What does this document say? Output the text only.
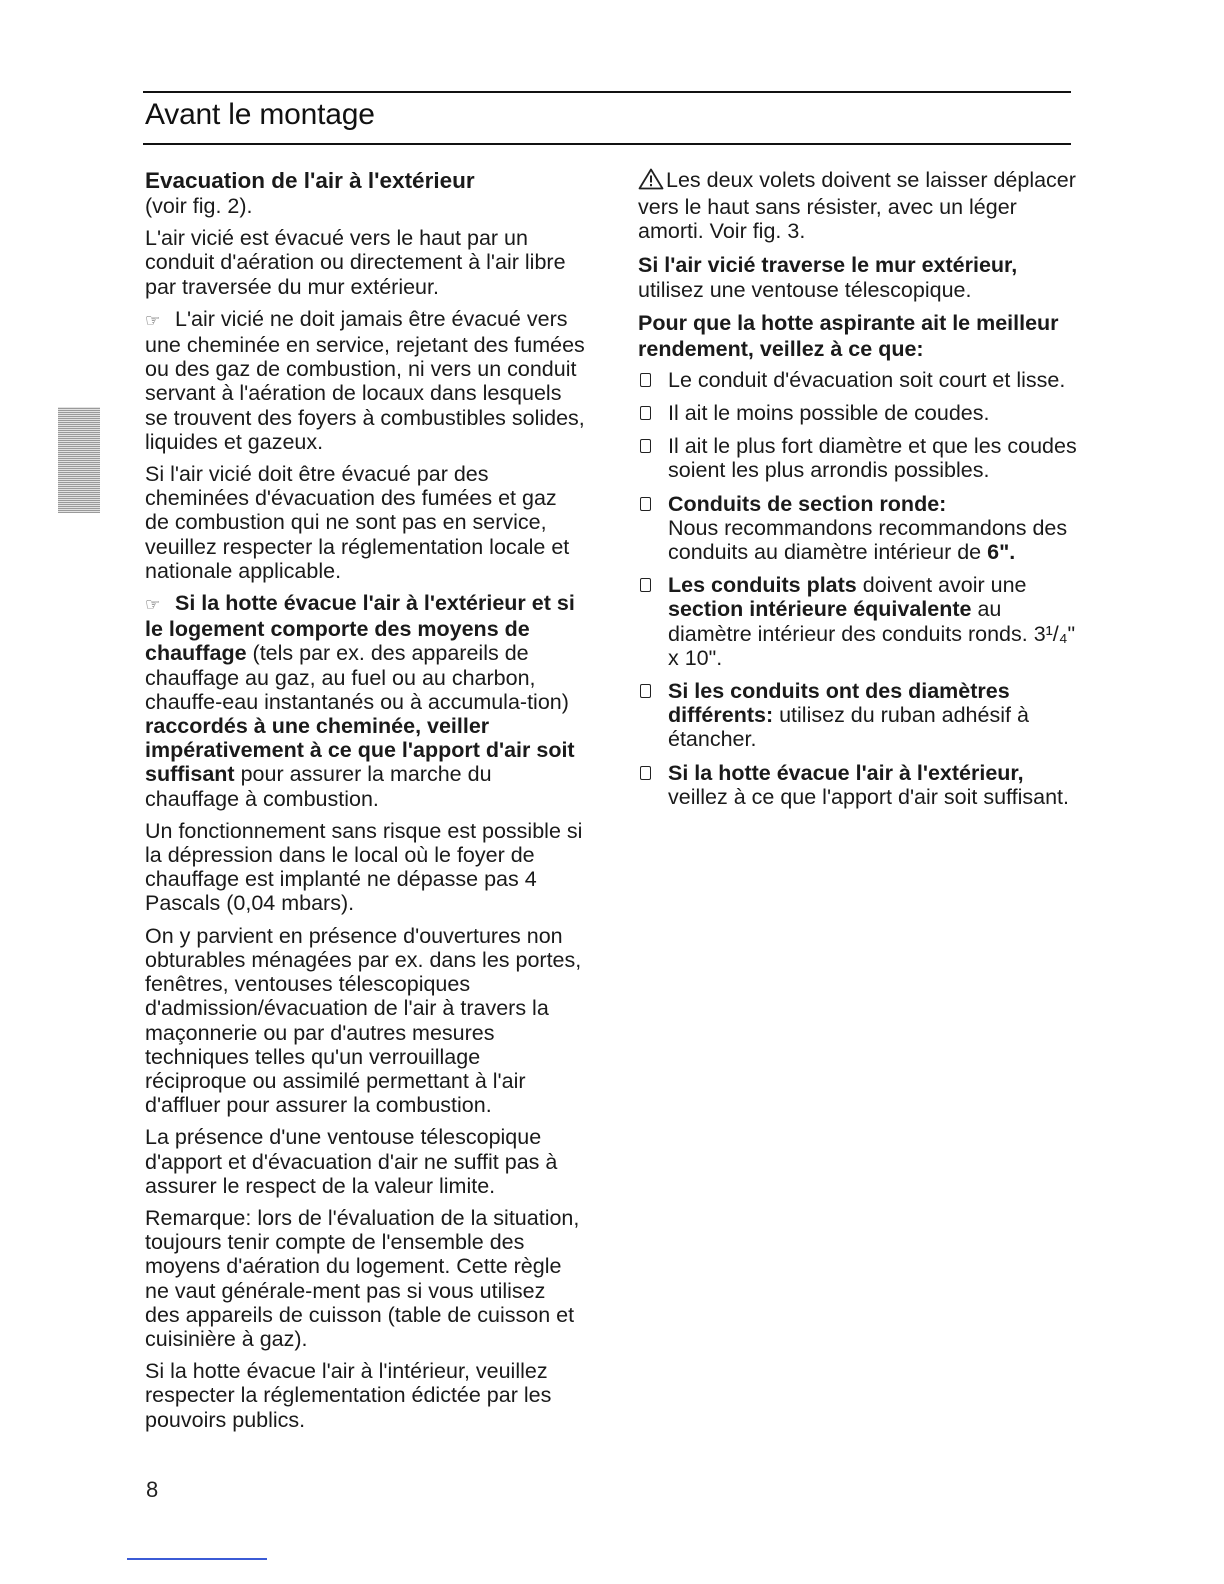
Avant le montage
Evacuation de l'air à l'extérieur

(voir fig. 2).

L'air vicié est évacué vers le haut par un conduit d'aération ou directement à l'air libre par traversée du mur extérieur.

☞ L'air vicié ne doit jamais être évacué vers une cheminée en service, rejetant des fumées ou des gaz de combustion, ni vers un conduit servant à l'aération de locaux dans lesquels se trouvent des foyers à combustibles solides, liquides et gazeux.

Si l'air vicié doit être évacué par des cheminées d'évacuation des fumées et gaz de combustion qui ne sont pas en service, veuillez respecter la réglementation locale et nationale applicable.

☞ Si la hotte évacue l'air à l'extérieur et si le logement comporte des moyens de chauffage (tels par ex. des appareils de chauffage au gaz, au fuel ou au charbon, chauffe-eau instantanés ou à accumula-tion) raccordés à une cheminée, veiller impérativement à ce que l'apport d'air soit suffisant pour assurer la marche du chauffage à combustion.

Un fonctionnement sans risque est possible si la dépression dans le local où le foyer de chauffage est implanté ne dépasse pas 4 Pascals (0,04 mbars).

On y parvient en présence d'ouvertures non obturables ménagées par ex. dans les portes, fenêtres, ventouses télescopiques d'admission/évacuation de l'air à travers la maçonnerie ou par d'autres mesures techniques telles qu'un verrouillage réciproque ou assimilé permettant à l'air d'affluer pour assurer la combustion.

La présence d'une ventouse télescopique d'apport et d'évacuation d'air ne suffit pas à assurer le respect de la valeur limite.

Remarque: lors de l'évaluation de la situation, toujours tenir compte de l'ensemble des moyens d'aération du logement. Cette règle ne vaut générale-ment pas si vous utilisez des appareils de cuisson (table de cuisson et cuisinière à gaz).

Si la hotte évacue l'air à l'intérieur, veuillez respecter la réglementation édictée par les pouvoirs publics.

Les deux volets doivent se laisser déplacer vers le haut sans résister, avec un léger amorti. Voir fig. 3.

Si l'air vicié traverse le mur extérieur,

utilisez une ventouse télescopique.

Pour que la hotte aspirante ait le meilleur rendement, veillez à ce que:
Le conduit d'évacuation soit court et lisse.
Il ait le moins possible de coudes.
Il ait le plus fort diamètre et que les coudes soient les plus arrondis possibles.
Conduits de section ronde:
Nous recommandons recommandons des conduits au diamètre intérieur de 6".
Les conduits plats doivent avoir une section intérieure équivalente au diamètre intérieur des conduits ronds. 3¹/₄" x 10".
Si les conduits ont des diamètres différents: utilisez du ruban adhésif à étancher.
Si la hotte évacue l'air à l'extérieur,
veillez à ce que l'apport d'air soit suffisant.
8
